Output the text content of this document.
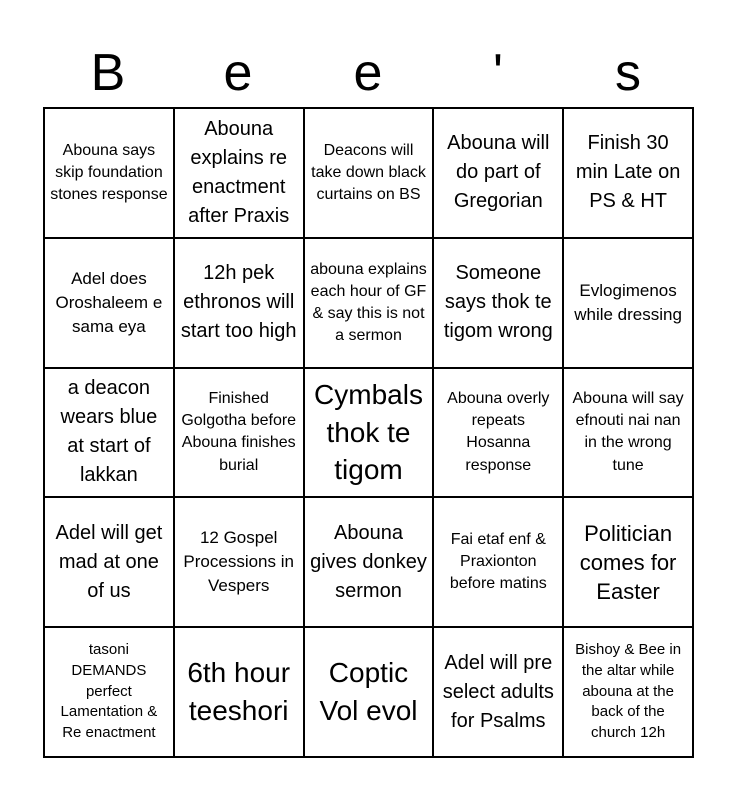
B	e	e	'	s
Abouna says skip foundation stones response
Abouna explains re enactment after Praxis
Deacons will take down black curtains on BS
Abouna will do part of Gregorian
Finish 30 min Late on PS & HT
Adel does Oroshaleem e sama eya
12h pek ethronos will start too high
abouna explains each hour of GF & say this is not a sermon
Someone says thok te tigom wrong
Evlogimenos while dressing
a deacon wears blue at start of lakkan
Finished Golgotha before Abouna finishes burial
Cymbals thok te tigom
Abouna overly repeats Hosanna response
Abouna will say efnouti nai nan in the wrong tune
Adel will get mad at one of us
12 Gospel Processions in Vespers
Abouna gives donkey sermon
Fai etaf enf & Praxionton before matins
Politician comes for Easter
tasoni DEMANDS perfect Lamentation & Re enactment
6th hour teeshori
Coptic Vol evol
Adel will pre select adults for Psalms
Bishoy & Bee in the altar while abouna at the back of the church 12h
